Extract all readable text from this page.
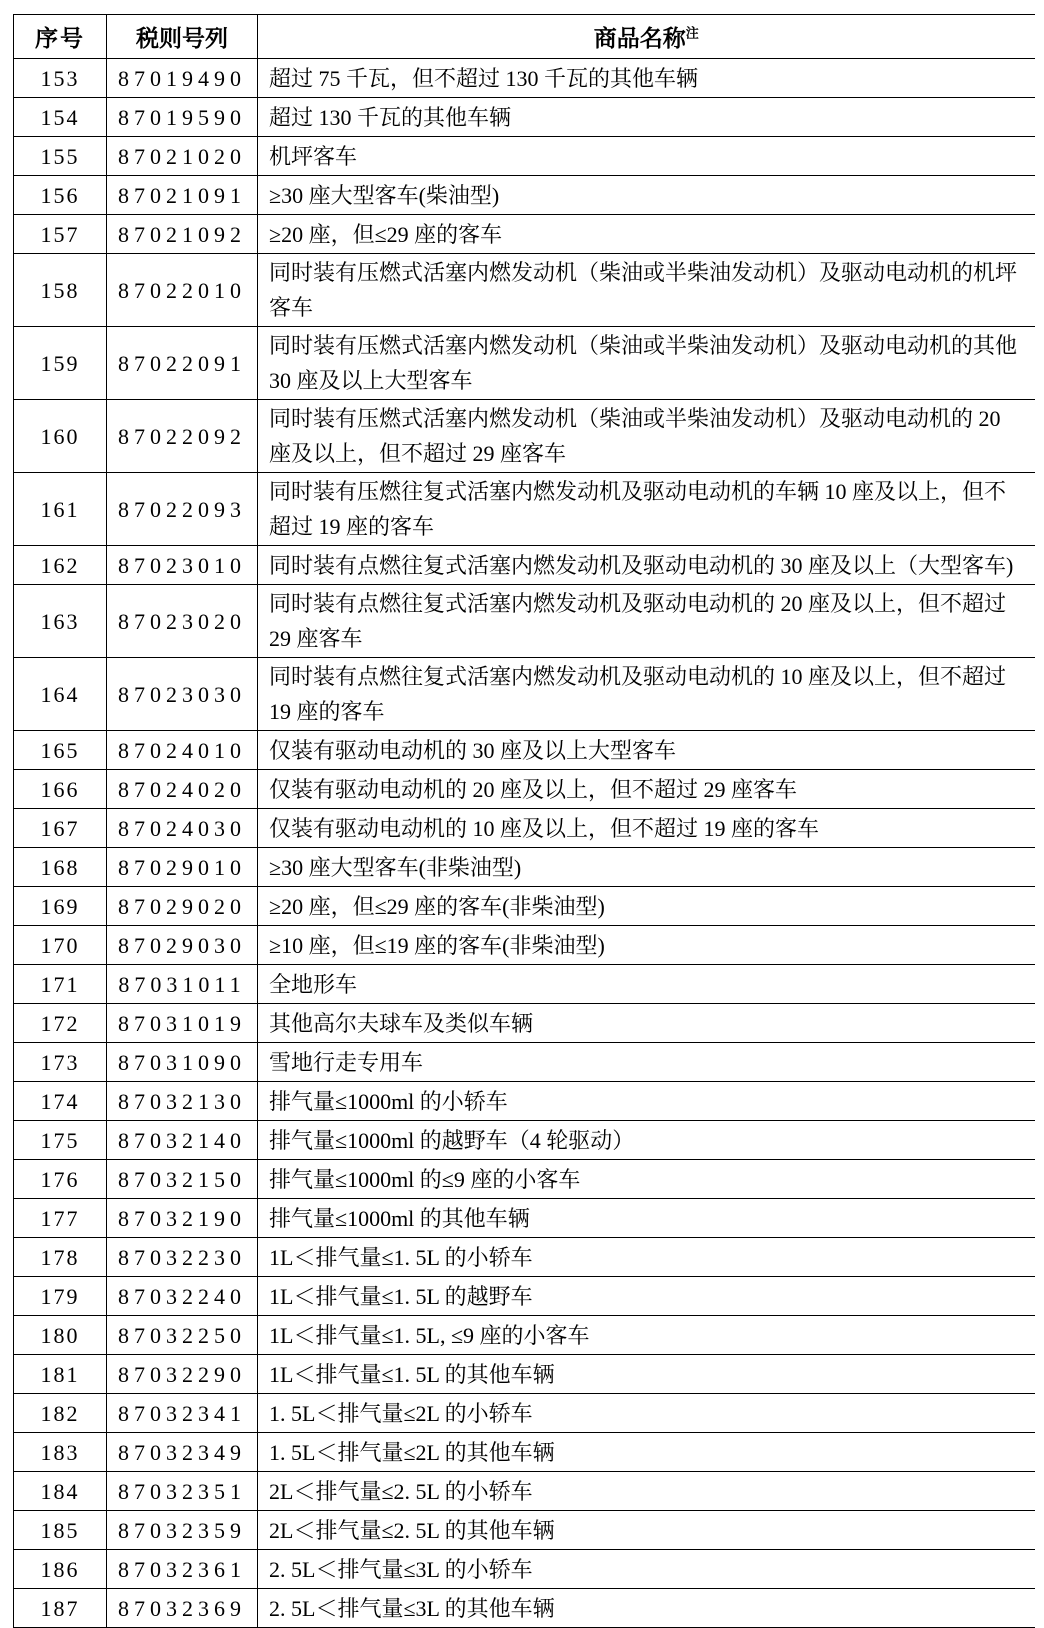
序号	税则号列	商品名称$^注$
153	87019490	超过 75 千瓦，但不超过 130 千瓦的其他车辆
154	87019590	超过 130 千瓦的其他车辆
155	87021020	机坪客车
156	87021091	≥30 座大型客车(柴油型)
157	87021092	≥20 座，但≤29 座的客车
158	87022010	同时装有压燃式活塞内燃发动机（柴油或半柴油发动机）及驱动电动机的机坪客车
159	87022091	同时装有压燃式活塞内燃发动机（柴油或半柴油发动机）及驱动电动机的其他 30 座及以上大型客车
160	87022092	同时装有压燃式活塞内燃发动机（柴油或半柴油发动机）及驱动电动机的 20 座及以上，但不超过 29 座客车
161	87022093	同时装有压燃往复式活塞内燃发动机及驱动电动机的车辆 10 座及以上，但不超过 19 座的客车
162	87023010	同时装有点燃往复式活塞内燃发动机及驱动电动机的 30 座及以上（大型客车)
163	87023020	同时装有点燃往复式活塞内燃发动机及驱动电动机的 20 座及以上，但不超过 29 座客车
164	87023030	同时装有点燃往复式活塞内燃发动机及驱动电动机的 10 座及以上，但不超过 19 座的客车
165	87024010	仅装有驱动电动机的 30 座及以上大型客车
166	87024020	仅装有驱动电动机的 20 座及以上，但不超过 29 座客车
167	87024030	仅装有驱动电动机的 10 座及以上，但不超过 19 座的客车
168	87029010	≥30 座大型客车(非柴油型)
169	87029020	≥20 座，但≤29 座的客车(非柴油型)
170	87029030	≥10 座，但≤19 座的客车(非柴油型)
171	87031011	全地形车
172	87031019	其他高尔夫球车及类似车辆
173	87031090	雪地行走专用车
174	87032130	排气量≤1000ml 的小轿车
175	87032140	排气量≤1000ml 的越野车（4 轮驱动）
176	87032150	排气量≤1000ml 的≤9 座的小客车
177	87032190	排气量≤1000ml 的其他车辆
178	87032230	1L＜排气量≤1. 5L 的小轿车
179	87032240	1L＜排气量≤1. 5L 的越野车
180	87032250	1L＜排气量≤1. 5L, ≤9 座的小客车
181	87032290	1L＜排气量≤1. 5L 的其他车辆
182	87032341	1. 5L＜排气量≤2L 的小轿车
183	87032349	1. 5L＜排气量≤2L 的其他车辆
184	87032351	2L＜排气量≤2. 5L 的小轿车
185	87032359	2L＜排气量≤2. 5L 的其他车辆
186	87032361	2. 5L＜排气量≤3L 的小轿车
187	87032369	2. 5L＜排气量≤3L 的其他车辆
